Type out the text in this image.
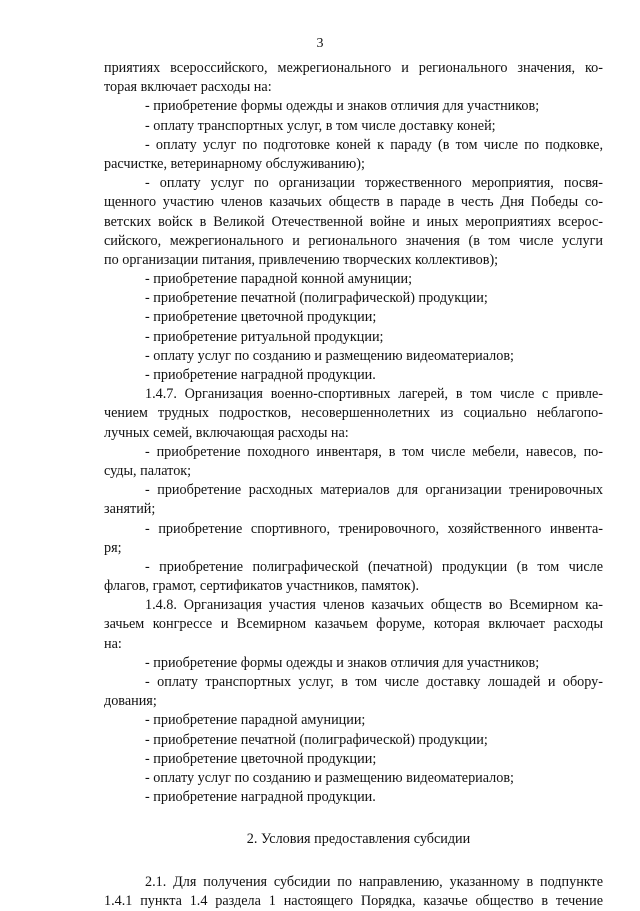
3
приятиях всероссийского, межрегионального и регионального значения, ко-
торая включает расходы на:
- приобретение формы одежды и знаков отличия для участников;
- оплату транспортных услуг, в том числе доставку коней;
- оплату услуг по подготовке коней к параду (в том числе по подковке,
расчистке, ветеринарному обслуживанию);
- оплату услуг по организации торжественного мероприятия, посвя-
щенного участию членов казачьих обществ в параде в честь Дня Победы со-
ветских войск в Великой Отечественной войне и иных мероприятиях всерос-
сийского, межрегионального и регионального значения (в том числе услуги
по организации питания, привлечению творческих коллективов);
- приобретение парадной конной амуниции;
- приобретение печатной (полиграфической) продукции;
- приобретение цветочной продукции;
- приобретение ритуальной продукции;
- оплату услуг по созданию и размещению видеоматериалов;
- приобретение наградной продукции.
1.4.7. Организация военно-спортивных лагерей, в том числе с привле-
чением трудных подростков, несовершеннолетних из социально неблагопо-
лучных семей, включающая расходы на:
- приобретение походного инвентаря, в том числе мебели, навесов, по-
суды, палаток;
- приобретение расходных материалов для организации тренировочных
занятий;
- приобретение спортивного, тренировочного, хозяйственного инвента-
ря;
- приобретение полиграфической (печатной) продукции (в том числе
флагов, грамот, сертификатов участников, памяток).
1.4.8. Организация участия членов казачьих обществ во Всемирном ка-
зачьем конгрессе и Всемирном казачьем форуме, которая включает расходы
на:
- приобретение формы одежды и знаков отличия для участников;
- оплату транспортных услуг, в том числе доставку лошадей и обору-
дования;
- приобретение парадной амуниции;
- приобретение печатной (полиграфической) продукции;
- приобретение цветочной продукции;
- оплату услуг по созданию и размещению видеоматериалов;
- приобретение наградной продукции.
2. Условия предоставления субсидии
2.1. Для получения субсидии по направлению, указанному в подпункте
1.4.1 пункта 1.4 раздела 1 настоящего Порядка, казачье общество в течение
